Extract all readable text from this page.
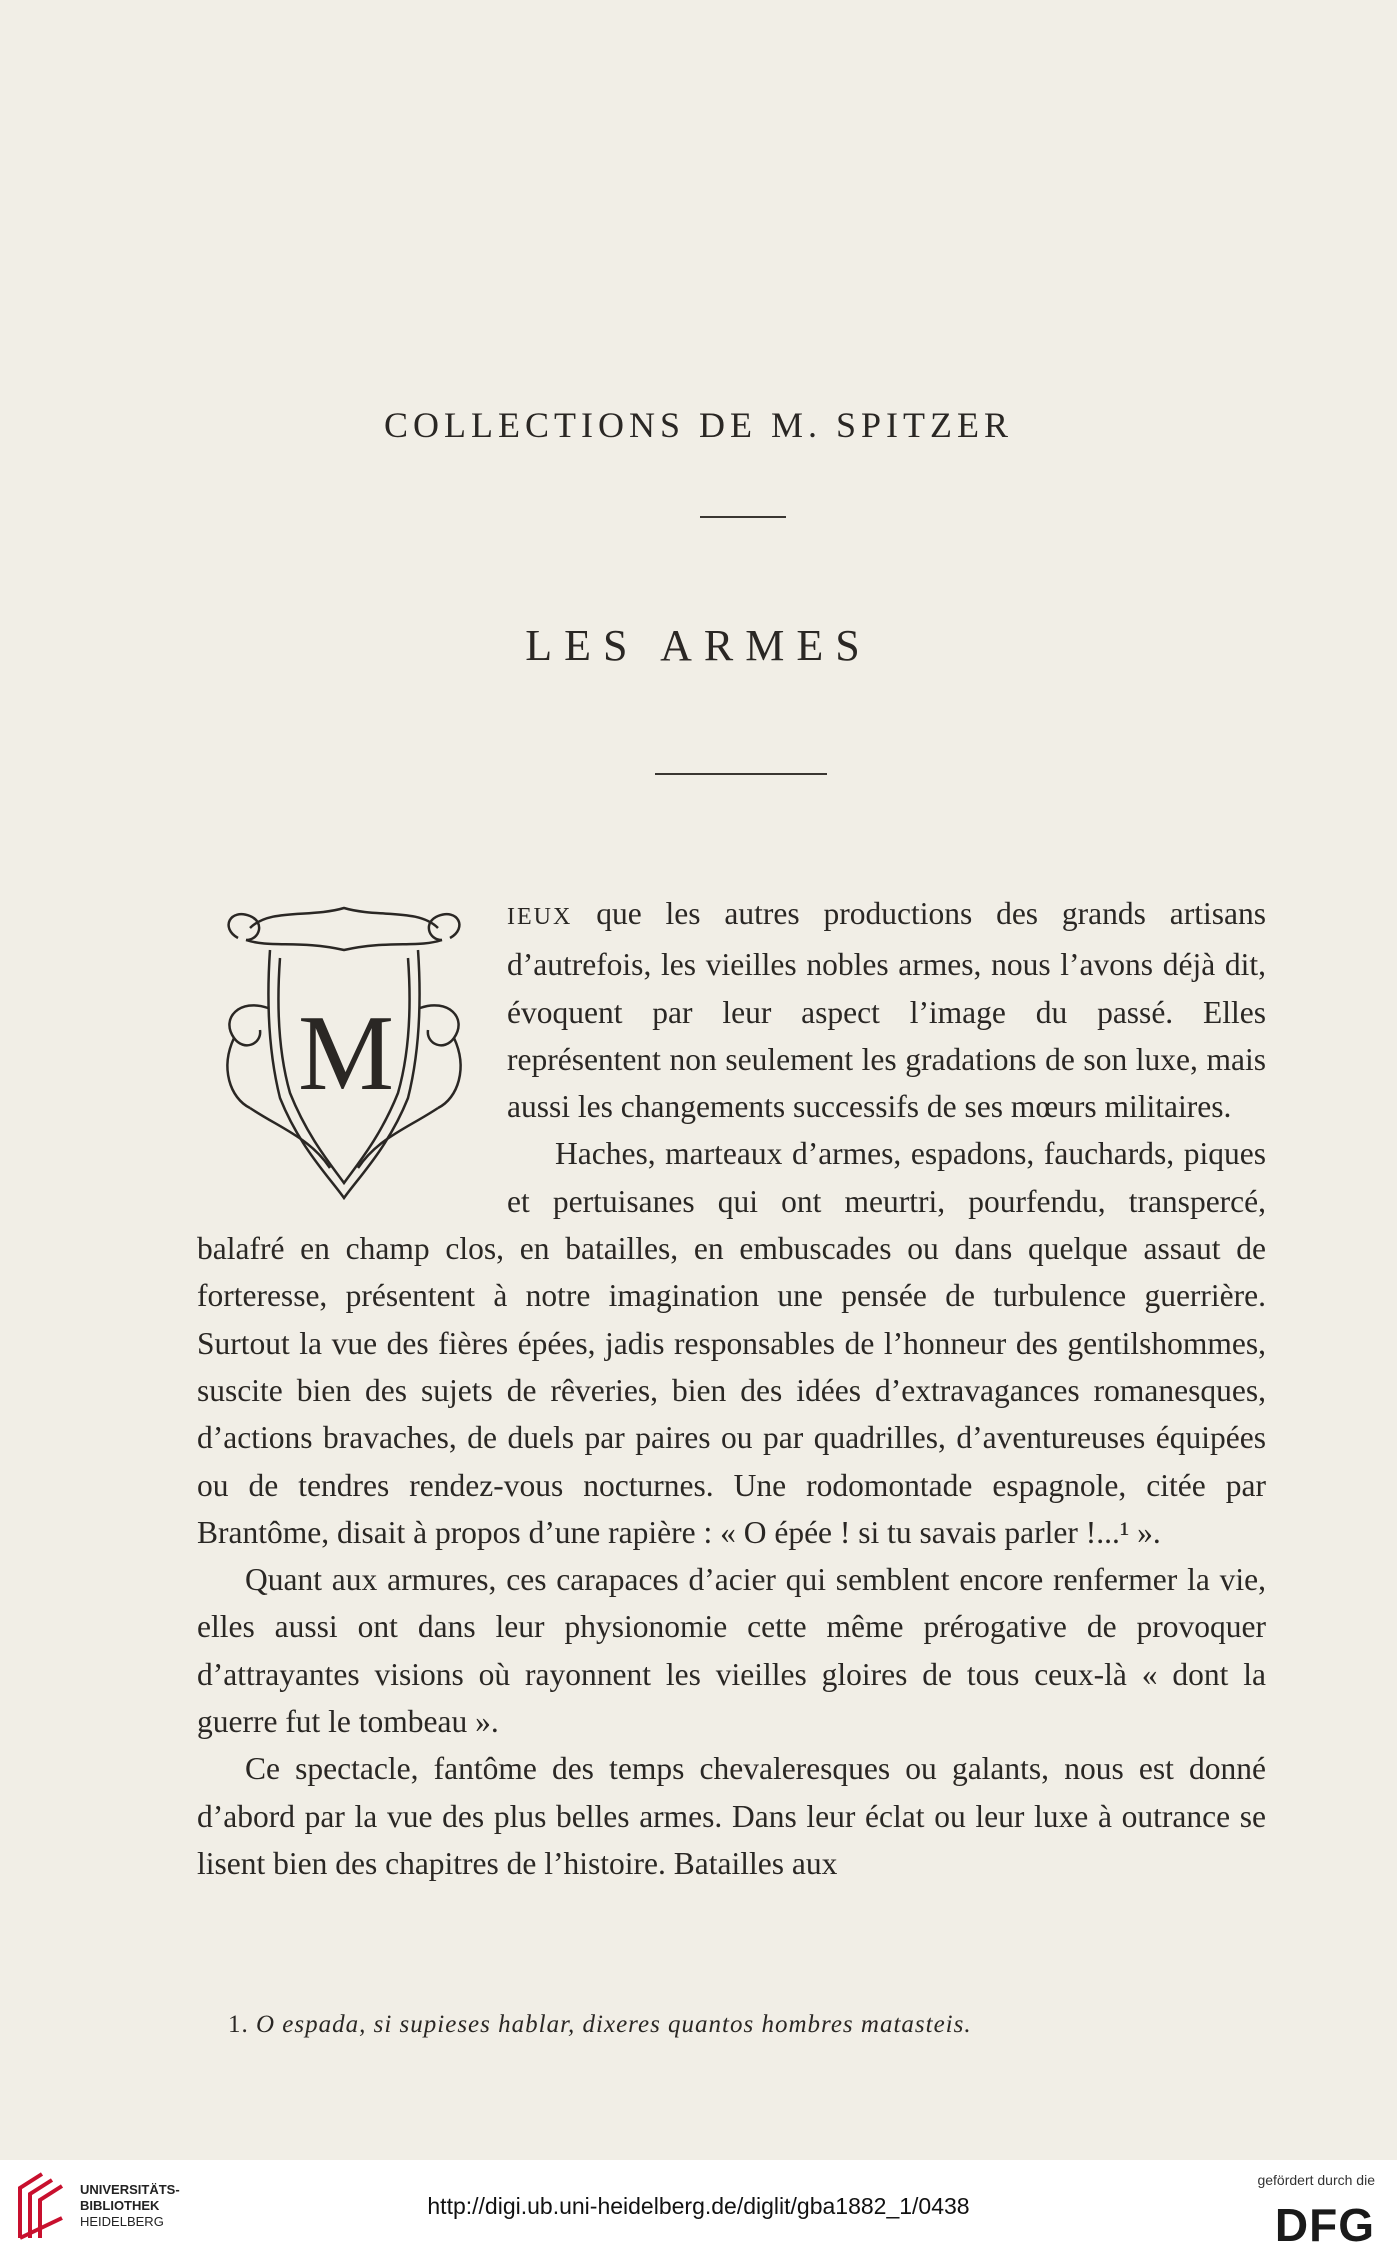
COLLECTIONS DE M. SPITZER
LES ARMES
M

IEUX que les autres productions des grands artisans d’autrefois, les vieilles nobles armes, nous l’avons déjà dit, évoquent par leur aspect l’image du passé. Elles représentent non seulement les gradations de son luxe, mais aussi les changements successifs de ses mœurs militaires.

Haches, marteaux d’armes, espadons, fauchards, piques et pertuisanes qui ont meurtri, pourfendu, transpercé, balafré en champ clos, en batailles, en embuscades ou dans quelque assaut de forteresse, présentent à notre imagination une pensée de turbulence guerrière. Surtout la vue des fières épées, jadis responsables de l’honneur des gentilshommes, suscite bien des sujets de rêveries, bien des idées d’extravagances romanesques, d’actions bravaches, de duels par paires ou par quadrilles, d’aventureuses équipées ou de tendres rendez-vous nocturnes. Une rodomontade espagnole, citée par Brantôme, disait à propos d’une rapière : « O épée ! si tu savais parler !...¹ ».

Quant aux armures, ces carapaces d’acier qui semblent encore renfermer la vie, elles aussi ont dans leur physionomie cette même prérogative de provoquer d’attrayantes visions où rayonnent les vieilles gloires de tous ceux-là « dont la guerre fut le tombeau ».

Ce spectacle, fantôme des temps chevaleresques ou galants, nous est donné d’abord par la vue des plus belles armes. Dans leur éclat ou leur luxe à outrance se lisent bien des chapitres de l’histoire. Batailles aux

1. O espada, si supieses hablar, dixeres quantos hombres matasteis.
UNIVERSITÄTS-
BIBLIOTHEK
HEIDELBERG
http://digi.ub.uni-heidelberg.de/diglit/gba1882_1/0438
gefördert durch die
DFG
